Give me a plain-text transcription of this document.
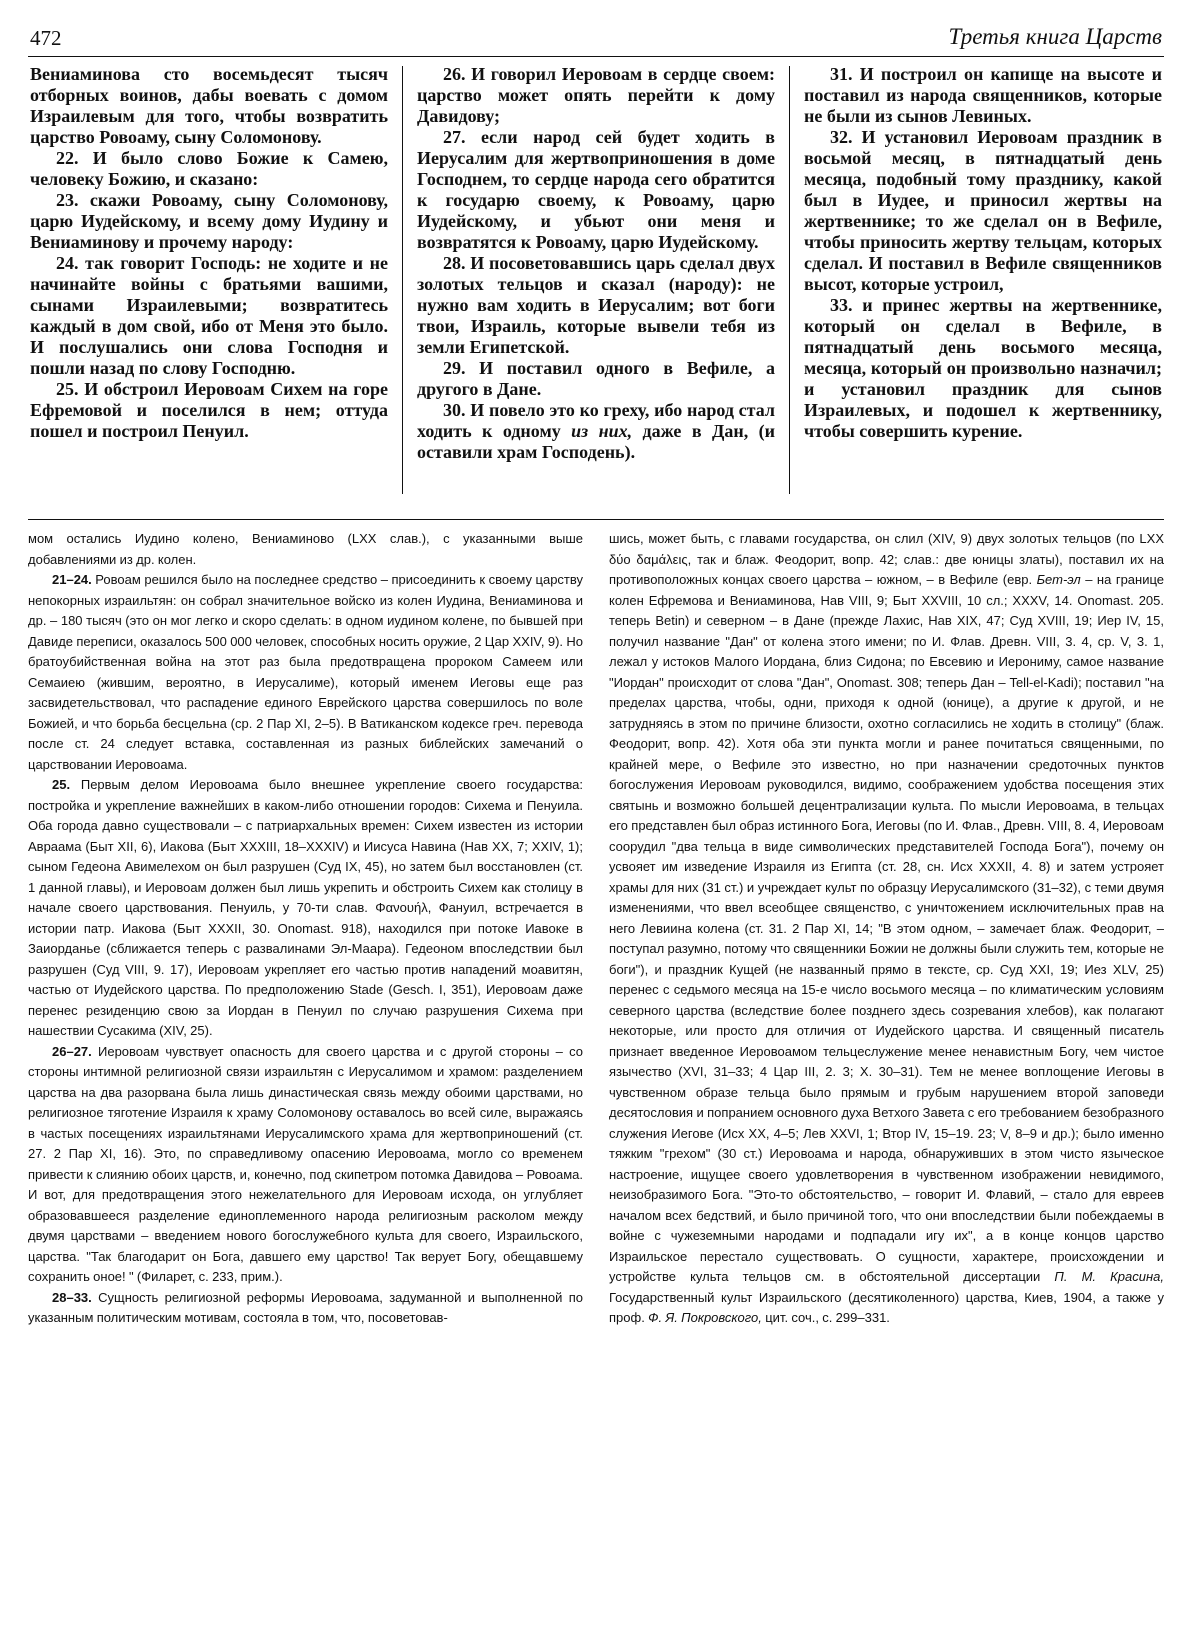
472	Третья книга Царств

Вениаминова сто восемьдесят тысяч отборных воинов, дабы воевать с домом Израилевым для того, чтобы возвратить царство Ровоаму, сыну Соломонову.

22. И было слово Божие к Самею, человеку Божию, и сказано:

23. скажи Ровоаму, сыну Соломонову, царю Иудейскому, и всему дому Иудину и Вениаминову и прочему народу:

24. так говорит Господь: не ходите и не начинайте войны с братьями вашими, сынами Израилевыми; возвратитесь каждый в дом свой, ибо от Меня это было. И послушались они слова Господня и пошли назад по слову Господню.

25. И обстроил Иеровоам Сихем на горе Ефремовой и поселился в нем; оттуда пошел и построил Пенуил.

26. И говорил Иеровоам в сердце своем: царство может опять перейти к дому Давидову;

27. если народ сей будет ходить в Иерусалим для жертвоприношения в доме Господнем, то сердце народа сего обратится к государю своему, к Ровоаму, царю Иудейскому, и убьют они меня и возвратятся к Ровоаму, царю Иудейскому.

28. И посоветовавшись царь сделал двух золотых тельцов и сказал (народу): не нужно вам ходить в Иерусалим; вот боги твои, Израиль, которые вывели тебя из земли Египетской.

29. И поставил одного в Вефиле, а другого в Дане.

30. И повело это ко греху, ибо народ стал ходить к одному из них, даже в Дан, (и оставили храм Господень).

31. И построил он капище на высоте и поставил из народа священников, которые не были из сынов Левиных.

32. И установил Иеровоам праздник в восьмой месяц, в пятнадцатый день месяца, подобный тому празднику, какой был в Иудее, и приносил жертвы на жертвеннике; то же сделал он в Вефиле, чтобы приносить жертву тельцам, которых сделал. И поставил в Вефиле священников высот, которые устроил,

33. и принес жертвы на жертвеннике, который он сделал в Вефиле, в пятнадцатый день восьмого месяца, месяца, который он произвольно назначил; и установил праздник для сынов Израилевых, и подошел к жертвеннику, чтобы совершить курение.

мом остались Иудино колено, Вениаминово (LXX слав.), с указанными выше добавлениями из др. колен.

21–24. Ровоам решился было на последнее средство – присоединить к своему царству непокорных израильтян: он собрал значительное войско из колен Иудина, Вениаминова и др. – 180 тысяч (это он мог легко и скоро сделать: в одном иудином колене, по бывшей при Давиде переписи, оказалось 500 000 человек, способных носить оружие, 2 Цар XXIV, 9). Но братоубийственная война на этот раз была предотвращена пророком Самеем или Семаиею (жившим, вероятно, в Иерусалиме), который именем Иеговы еще раз засвидетельствовал, что распадение единого Еврейского царства совершилось по воле Божией, и что борьба бесцельна (ср. 2 Пар XI, 2–5). В Ватиканском кодексе греч. перевода после ст. 24 следует вставка, составленная из разных библейских замечаний о царствовании Иеровоама.

25. Первым делом Иеровоама было внешнее укрепление своего государства: постройка и укрепление важнейших в каком-либо отношении городов: Сихема и Пенуила. Оба города давно существовали – с патриархальных времен: Сихем известен из истории Авраама (Быт XII, 6), Иакова (Быт XXXIII, 18–XXXIV) и Иисуса Навина (Нав XX, 7; XXIV, 1); сыном Гедеона Авимелехом он был разрушен (Суд IX, 45), но затем был восстановлен (ст. 1 данной главы), и Иеровоам должен был лишь укрепить и обстроить Сихем как столицу в начале своего царствования. Пенуиль, у 70-ти слав. Φανουήλ, Фануил, встречается в истории патр. Иакова (Быт XXXII, 30. Onomast. 918), находился при потоке Иавоке в Заиорданье (сближается теперь с развалинами Эл-Маара). Гедеоном впоследствии был разрушен (Суд VIII, 9. 17), Иеровоам укрепляет его частью против нападений моавитян, частью от Иудейского царства. По предположению Stade (Gesch. I, 351), Иеровоам даже перенес резиденцию свою за Иордан в Пенуил по случаю разрушения Сихема при нашествии Сусакима (XIV, 25).

26–27. Иеровоам чувствует опасность для своего царства и с другой стороны – со стороны интимной религиозной связи израильтян с Иерусалимом и храмом: разделением царства на два разорвана была лишь династическая связь между обоими царствами, но религиозное тяготение Израиля к храму Соломонову оставалось во всей силе, выражаясь в частых посещениях израильтянами Иерусалимского храма для жертвоприношений (ст. 27. 2 Пар XI, 16). Это, по справедливому опасению Иеровоама, могло со временем привести к слиянию обоих царств, и, конечно, под скипетром потомка Давидова – Ровоама. И вот, для предотвращения этого нежелательного для Иеровоам исхода, он углубляет образовавшееся разделение единоплеменного народа религиозным расколом между двумя царствами – введением нового богослужебного культа для своего, Израильского, царства. "Так благодарит он Бога, давшего ему царство! Так верует Богу, обещавшему сохранить оное! " (Филарет, с. 233, прим.).

28–33. Сущность религиозной реформы Иеровоама, задуманной и выполненной по указанным политическим мотивам, состояла в том, что, посоветовав-

шись, может быть, с главами государства, он слил (XIV, 9) двух золотых тельцов (по LXX δύο δαμάλεις, так и блаж. Феодорит, вопр. 42; слав.: две юницы златы), поставил их на противоположных концах своего царства – южном, – в Вефиле (евр. Бет-эл – на границе колен Ефремова и Вениаминова, Нав VIII, 9; Быт XXVIII, 10 сл.; XXXV, 14. Onomast. 205. теперь Betin) и северном – в Дане (прежде Лахис, Нав XIX, 47; Суд XVIII, 19; Иер IV, 15, получил название "Дан" от колена этого имени; по И. Флав. Древн. VIII, 3. 4, ср. V, 3. 1, лежал у истоков Малого Иордана, близ Сидона; по Евсевию и Иерониму, самое название "Иордан" происходит от слова "Дан", Onomast. 308; теперь Дан – Tell-el-Kadi); поставил "на пределах царства, чтобы, одни, приходя к одной (юнице), а другие к другой, и не затрудняясь в этом по причине близости, охотно согласились не ходить в столицу" (блаж. Феодорит, вопр. 42). Хотя оба эти пункта могли и ранее почитаться священными, по крайней мере, о Вефиле это известно, но при назначении средоточных пунктов богослужения Иеровоам руководился, видимо, соображением удобства посещения этих святынь и возможно большей децентрализации культа. По мысли Иеровоама, в тельцах его представлен был образ истинного Бога, Иеговы (по И. Флав., Древн. VIII, 8. 4, Иеровоам соорудил "два тельца в виде символических представителей Господа Бога"), почему он усвояет им изведение Израиля из Египта (ст. 28, сн. Исх XXXII, 4. 8) и затем устрояет храмы для них (31 ст.) и учреждает культ по образцу Иерусалимского (31–32), с теми двумя изменениями, что ввел всеобщее священство, с уничтожением исключительных прав на него Левиина колена (ст. 31. 2 Пар XI, 14; "В этом одном, – замечает блаж. Феодорит, – поступал разумно, потому что священники Божии не должны были служить тем, которые не боги"), и праздник Кущей (не названный прямо в тексте, ср. Суд XXI, 19; Иез XLV, 25) перенес с седьмого месяца на 15-е число восьмого месяца – по климатическим условиям северного царства (вследствие более позднего здесь созревания хлебов), как полагают некоторые, или просто для отличия от Иудейского царства. И священный писатель признает введенное Иеровоамом тельцеслужение менее ненавистным Богу, чем чистое язычество (XVI, 31–33; 4 Цар III, 2. 3; X. 30–31). Тем не менее воплощение Иеговы в чувственном образе тельца было прямым и грубым нарушением второй заповеди десятословия и попранием основного духа Ветхого Завета с его требованием безобразного служения Иегове (Исх XX, 4–5; Лев XXVI, 1; Втор IV, 15–19. 23; V, 8–9 и др.); было именно тяжким "грехом" (30 ст.) Иеровоама и народа, обнаруживших в этом чисто языческое настроение, ищущее своего удовлетворения в чувственном изображении невидимого, неизобразимого Бога. "Это-то обстоятельство, – говорит И. Флавий, – стало для евреев началом всех бедствий, и было причиной того, что они впоследствии были побеждаемы в войне с чужеземными народами и подпадали игу их", а в конце концов царство Израильское перестало существовать. О сущности, характере, происхождении и устройстве культа тельцов см. в обстоятельной диссертации П. М. Красина, Государственный культ Израильского (десятиколенного) царства, Киев, 1904, а также у проф. Ф. Я. Покровского, цит. соч., с. 299–331.
